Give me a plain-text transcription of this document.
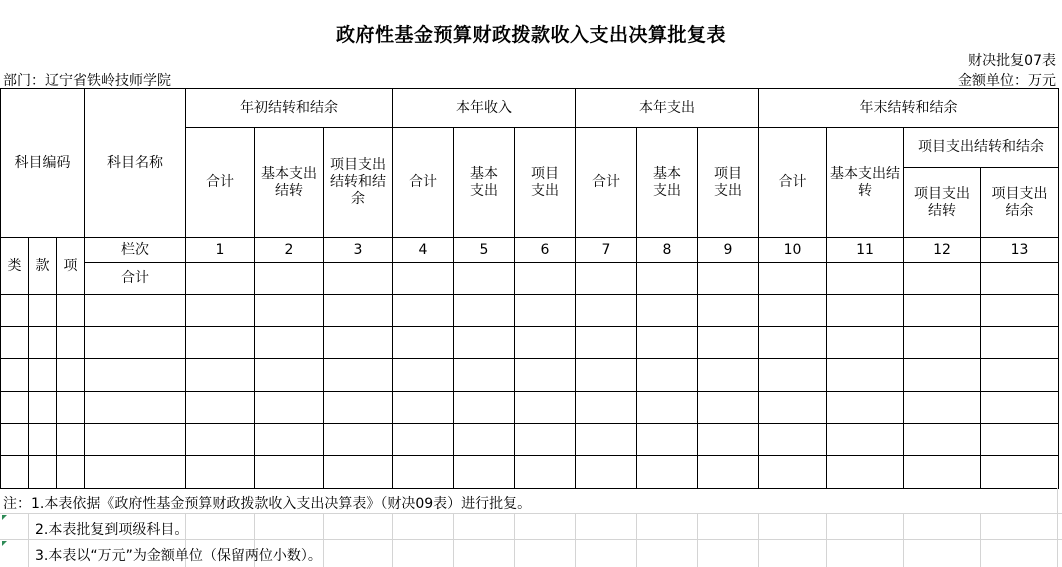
政府性基金预算财政拨款收入支出决算批复表
财决批复07表
部门：辽宁省铁岭技师学院	金额单位：万元
科目编码			科目名称	年初结转和结余			本年收入			本年支出			年末结转和结余			
				合计	基本支出结转	项目支出结转和结余	合计	基本支出	项目支出	合计	基本支出	项目支出	合计	基本支出结转	项目支出结转和结余	

															项目支出结转	项目支出结余

类	款	项	栏次	1	2	3	4	5	6	7	8	9	10	11	12	13
			合计													

注：1.本表依据《政府性基金预算财政拨款收入支出决算表》（财决09表）进行批复。
2.本表批复到项级科目。
3.本表以“万元”为金额单位（保留两位小数）。
